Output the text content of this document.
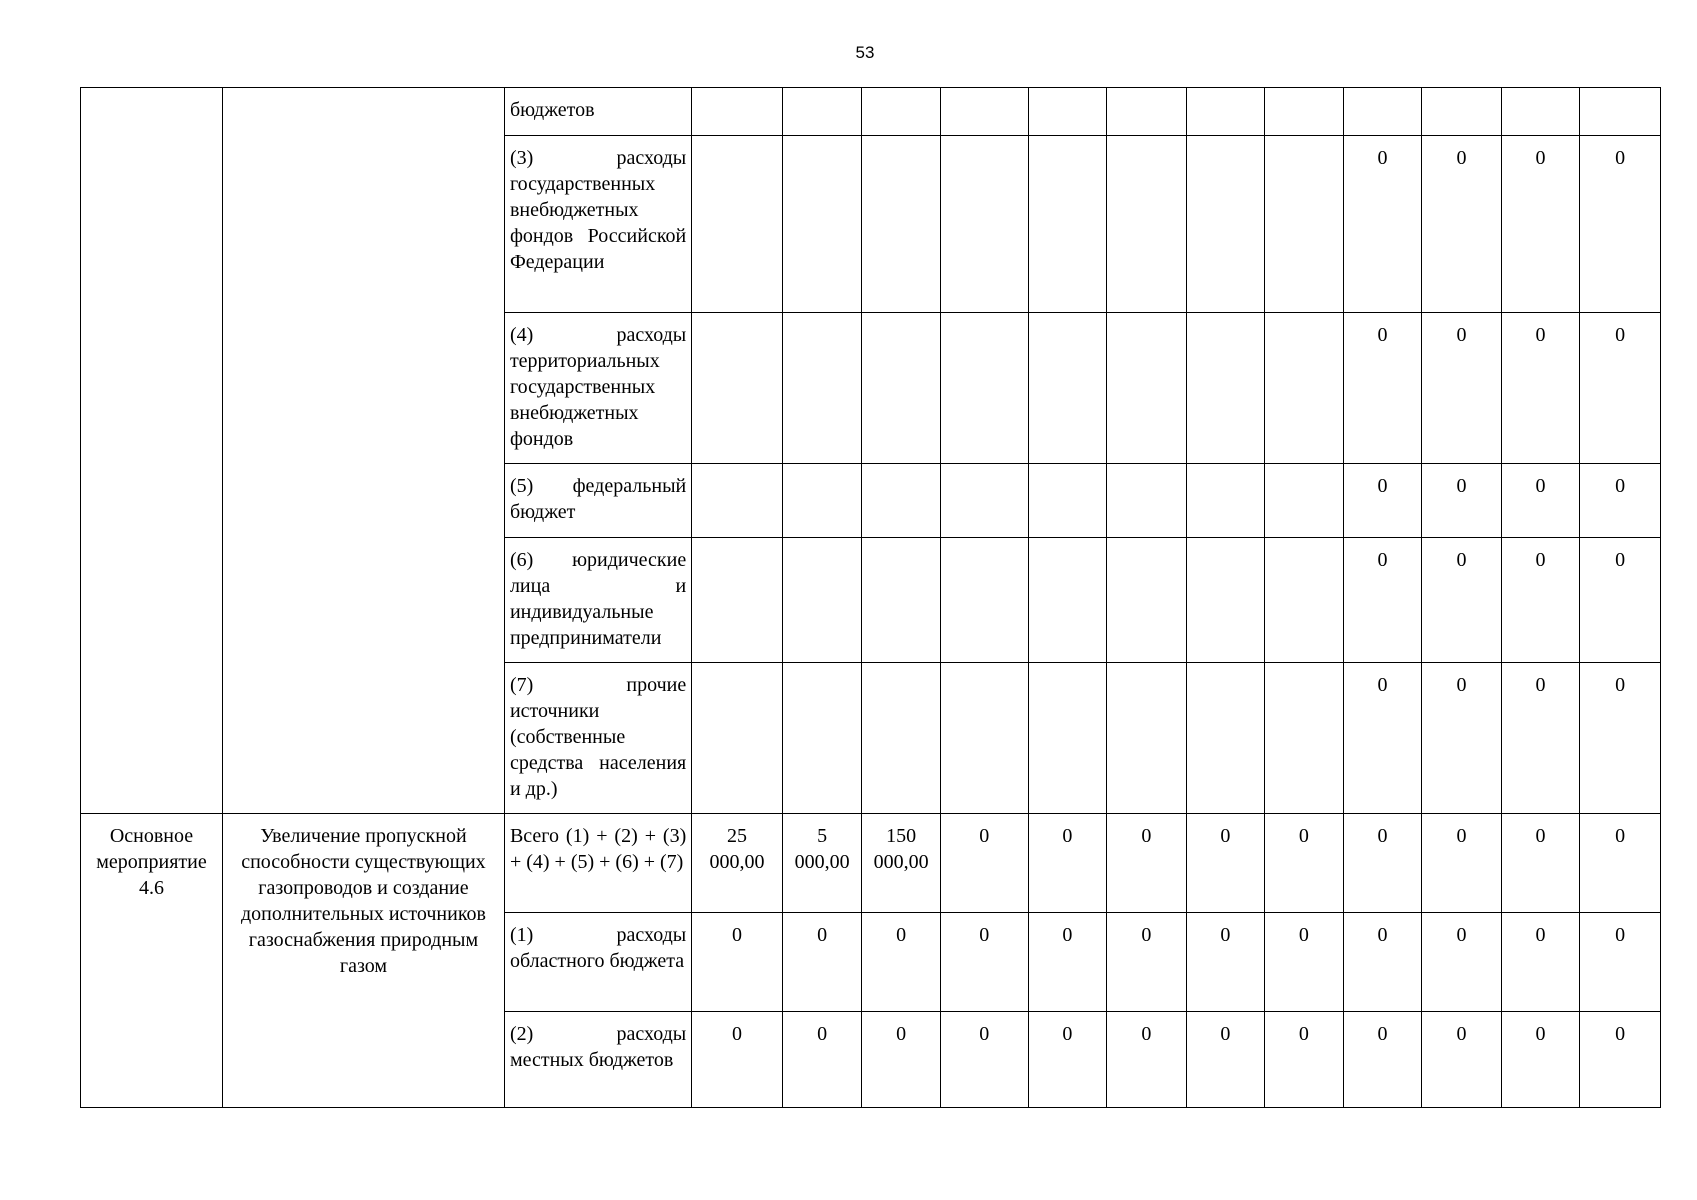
53
		бюджетов												
		(3) расходы государственных внебюджетных фондов Российской Федерации									0	0	0	0
		(4) расходы территориальных государственных внебюджетных фондов									0	0	0	0
		(5) федеральный бюджет									0	0	0	0
		(6) юридические лица и индивидуальные предприниматели									0	0	0	0
		(7) прочие источники (собственные средства населения и др.)									0	0	0	0
Основное мероприятие 4.6	Увеличение пропускной способности существующих газопроводов и создание дополнительных источников газоснабжения природным газом	Всего (1) + (2) + (3) + (4) + (5) + (6) + (7)	25 000,00	5 000,00	150 000,00	0	0	0	0	0	0	0	0	0
		(1) расходы областного бюджета	0	0	0	0	0	0	0	0	0	0	0	0
		(2) расходы местных бюджетов	0	0	0	0	0	0	0	0	0	0	0	0
